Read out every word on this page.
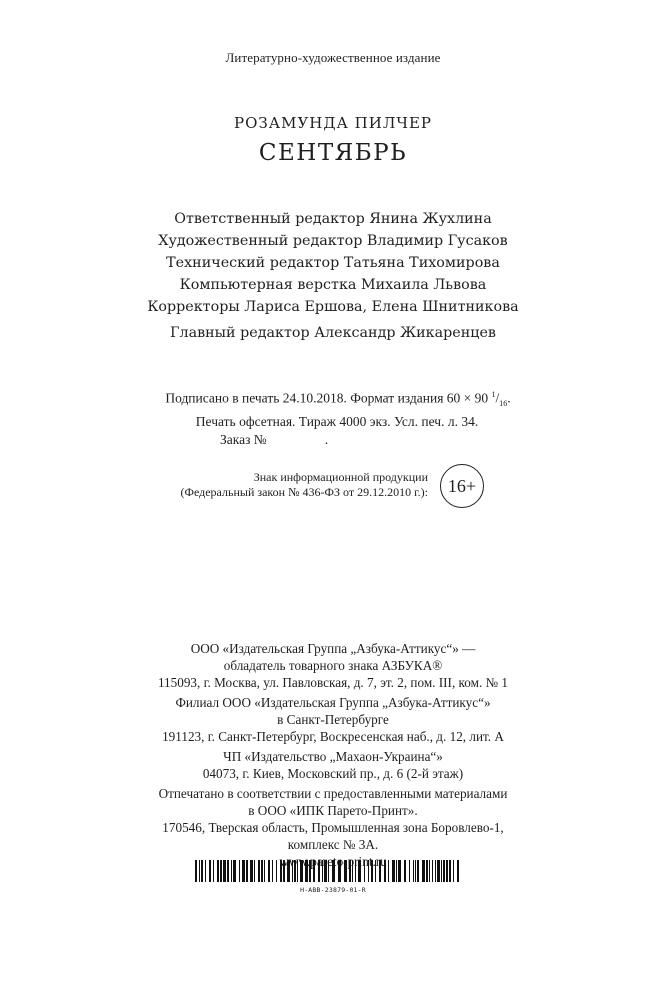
Литературно-художественное издание
РОЗАМУНДА ПИЛЧЕР
СЕНТЯБРЬ
Ответственный редактор Янина Жухлина
Художественный редактор Владимир Гусаков
Технический редактор Татьяна Тихомирова
Компьютерная верстка Михаила Львова
Корректоры Лариса Ершова, Елена Шнитникова
Главный редактор Александр Жикаренцев
Подписано в печать 24.10.2018. Формат издания 60 × 90 $^1/_{16}$.
Печать офсетная. Тираж 4000 экз. Усл. печ. л. 34.
Заказ №	.
Знак информационной продукции
(Федеральный закон № 436-ФЗ от 29.12.2010 г.): 16+
ООО «Издательская Группа „Азбука-Аттикус“» —
обладатель товарного знака АЗБУКА®
115093, г. Москва, ул. Павловская, д. 7, эт. 2, пом. III, ком. № 1
Филиал ООО «Издательская Группа „Азбука-Аттикус“»
в Санкт-Петербурге
191123, г. Санкт-Петербург, Воскресенская наб., д. 12, лит. А
ЧП «Издательство „Махаон-Украина“»
04073, г. Киев, Московский пр., д. 6 (2-й этаж)
Отпечатано в соответствии с предоставленными материалами
в ООО «ИПК Парето-Принт».
170546, Тверская область, Промышленная зона Боровлево-1,
комплекс № 3А.
H-ABB-23879-01-R
